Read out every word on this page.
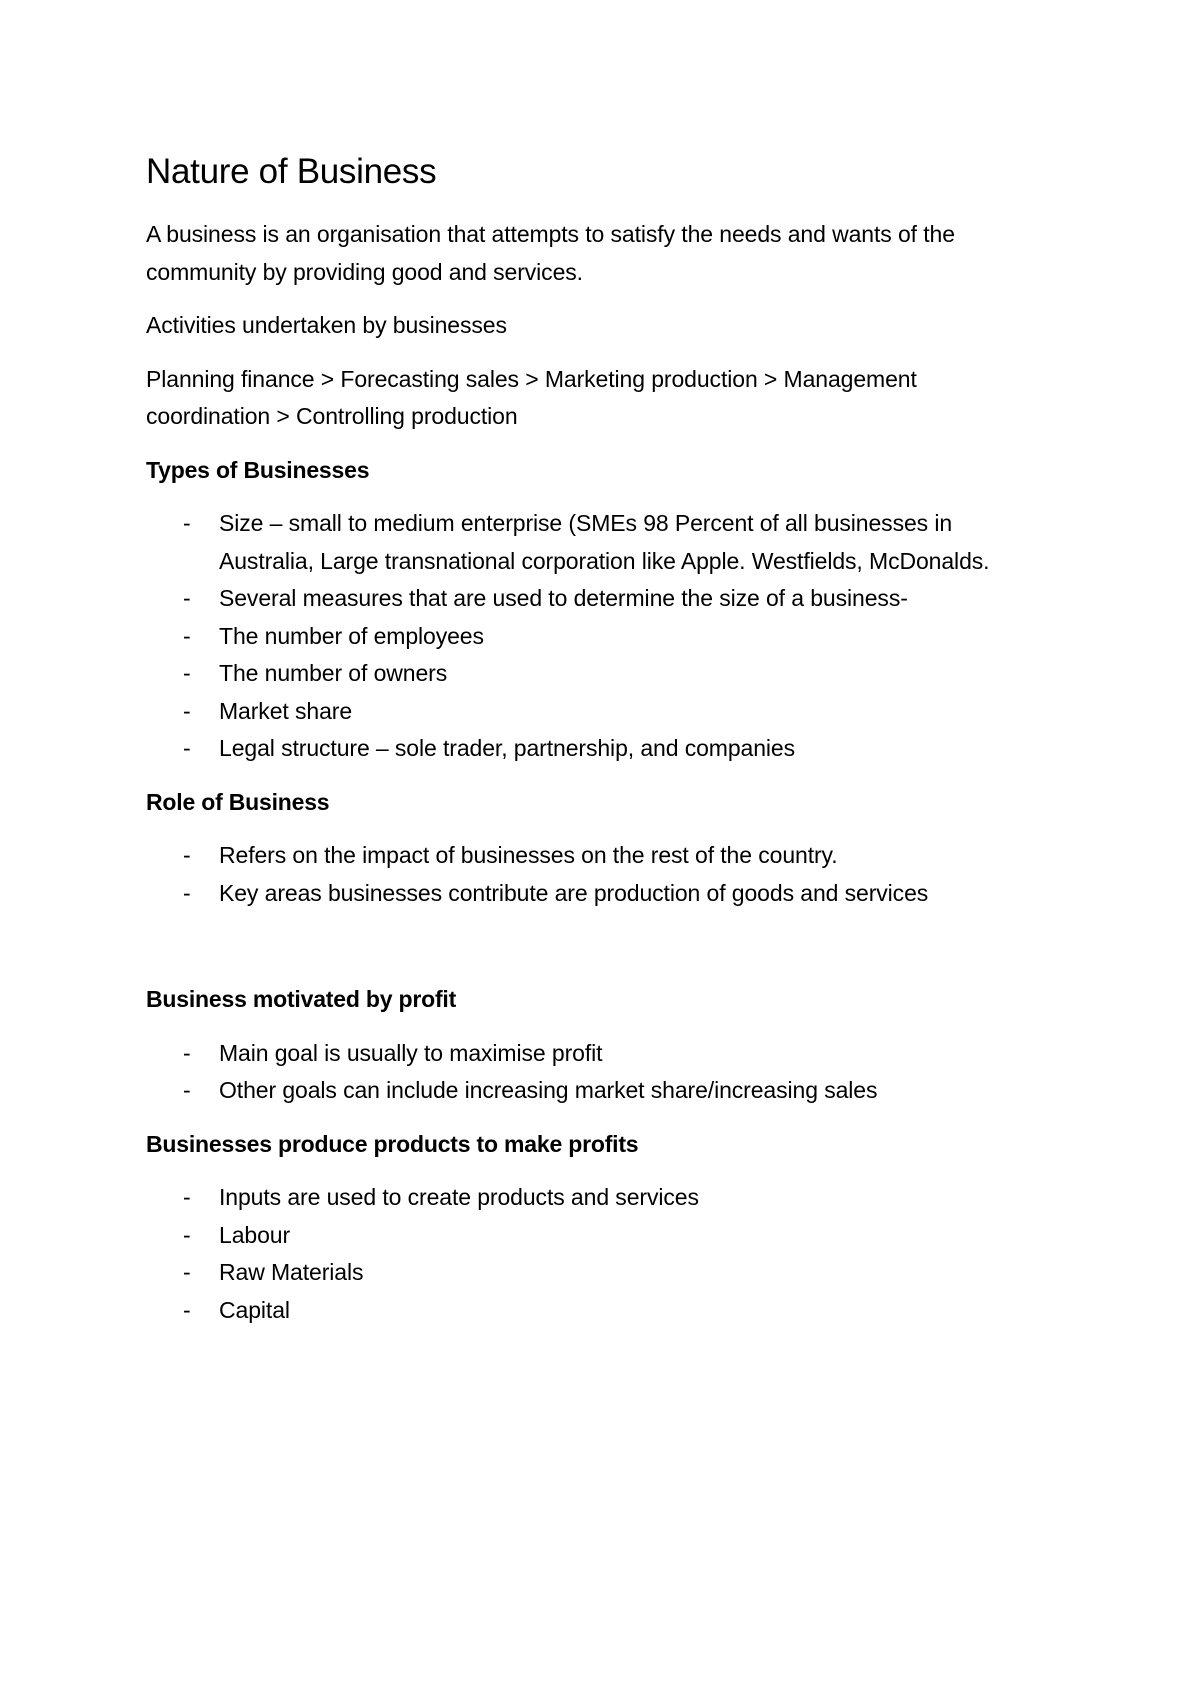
Nature of Business

A business is an organisation that attempts to satisfy the needs and wants of the community by providing good and services.

Activities undertaken by businesses

Planning finance > Forecasting sales > Marketing production > Management coordination > Controlling production

Types of Businesses
- Size – small to medium enterprise (SMEs 98 Percent of all businesses in Australia, Large transnational corporation like Apple. Westfields, McDonalds.
- Several measures that are used to determine the size of a business-
- The number of employees
- The number of owners
- Market share
- Legal structure – sole trader, partnership, and companies
Role of Business
- Refers on the impact of businesses on the rest of the country.
- Key areas businesses contribute are production of goods and services
Business motivated by profit
- Main goal is usually to maximise profit
- Other goals can include increasing market share/increasing sales
Businesses produce products to make profits
- Inputs are used to create products and services
- Labour
- Raw Materials
- Capital
